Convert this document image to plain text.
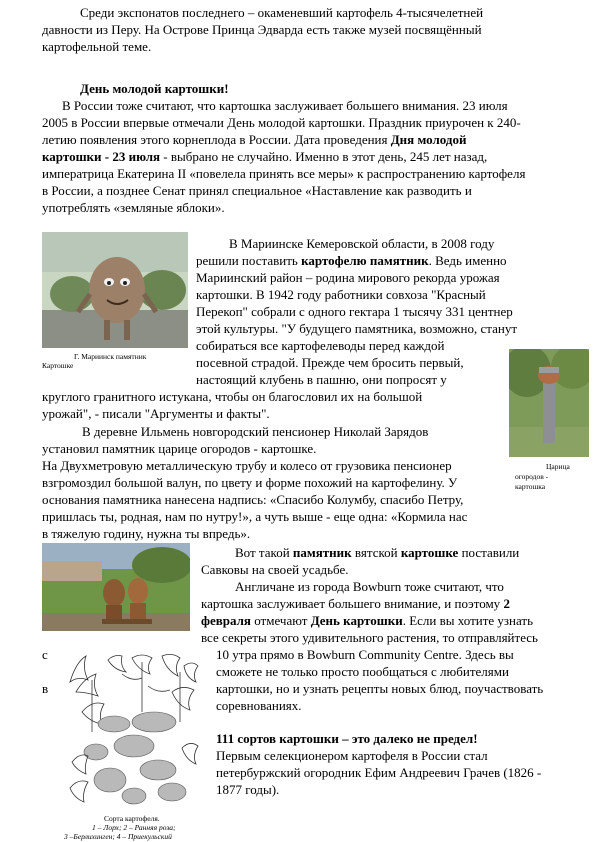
Среди экспонатов последнего – окаменевший картофель 4-тысячелетней
давности из Перу. На Острове Принца Эдварда есть также музей посвящённый
картофельной теме.
День молодой картошки!
В России тоже считают, что картошка заслуживает большего внимания. 23 июля
2005 в России впервые отмечали День молодой картошки. Праздник приурочен к 240-
летию появления этого корнеплода в России. Дата проведения Дня молодой
картошки - 23 июля - выбрано не случайно. Именно в этот день, 245 лет назад,
императрица Екатерина II «повелела принять все меры» к распространению картофеля
в России, а позднее Сенат принял специальное «Наставление как разводить и
употреблять «земляные яблоки».
Г. Мариинск памятник
Картошке
В Мариинске Кемеровской области, в 2008 году
решили поставить картофелю памятник. Ведь именно
Мариинский район – родина мирового рекорда урожая
картошки. В 1942 году работники совхоза "Красный
Перекоп" собрали с одного гектара 1 тысячу 331 центнер
этой культуры. "У будущего памятника, возможно, станут
собираться все картофелеводы перед каждой
посевной страдой. Прежде чем бросить первый,
настоящий клубень в пашню, они попросят у
круглого гранитного истукана, чтобы он благословил их на большой
урожай", - писали "Аргументы и факты".
Царица
огородов -
картошка
В деревне Ильмень новгородский пенсионер Николай Зарядов
установил памятник царице огородов - картошке.
На Двухметровую металлическую трубу и колесо от грузовика пенсионер
взгромоздил большой валун, по цвету и форме похожий на картофелину. У
основания памятника нанесена надпись: «Спасибо Колумбу, спасибо Петру,
пришлась ты, родная, нам по нутру!», а чуть выше - еще одна: «Кормила нас
в тяжелую годину, нужна ты впредь».
Вот такой памятник вятской картошке поставили
Савковы на своей усадьбе.
Англичане из города Bowburn тоже считают, что
картошка заслуживает большего внимание, и поэтому 2
февраля отмечают День картошки. Если вы хотите узнать
все секреты этого удивительного растения, то отправляйтесь
с	10 утра прямо в Bowburn Community Centre. Здесь вы
сможете не только просто пообщаться с любителями
в	картошки, но и узнать рецепты новых блюд, поучаствовать
соревнованиях.
111 сортов картошки – это далеко не предел!
Первым селекционером картофеля в России стал
петербуржский огородник Ефим Андреевич Грачев (1826 -
1877 годы).
Сорта картофеля.
1 – Лорх; 2 – Ранняя роза;
3 –Берлихинген; 4 – Приекульский
